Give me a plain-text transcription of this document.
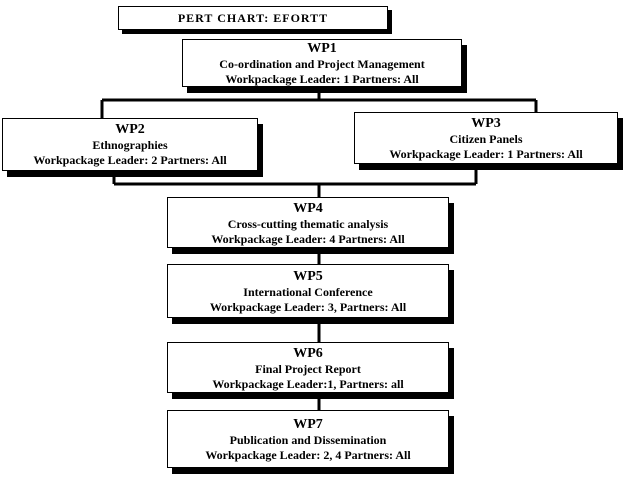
PERT CHART: EFORTT
WP1
Co-ordination and Project Management
Workpackage Leader: 1 Partners: All
WP2
Ethnographies
Workpackage Leader: 2 Partners: All
WP3
Citizen Panels
Workpackage Leader: 1 Partners: All
WP4
Cross-cutting thematic analysis
Workpackage Leader: 4 Partners: All
WP5
International Conference
Workpackage Leader: 3, Partners: All
WP6
Final Project Report
Workpackage Leader:1, Partners: all
WP7
Publication and Dissemination
Workpackage Leader: 2, 4 Partners: All
